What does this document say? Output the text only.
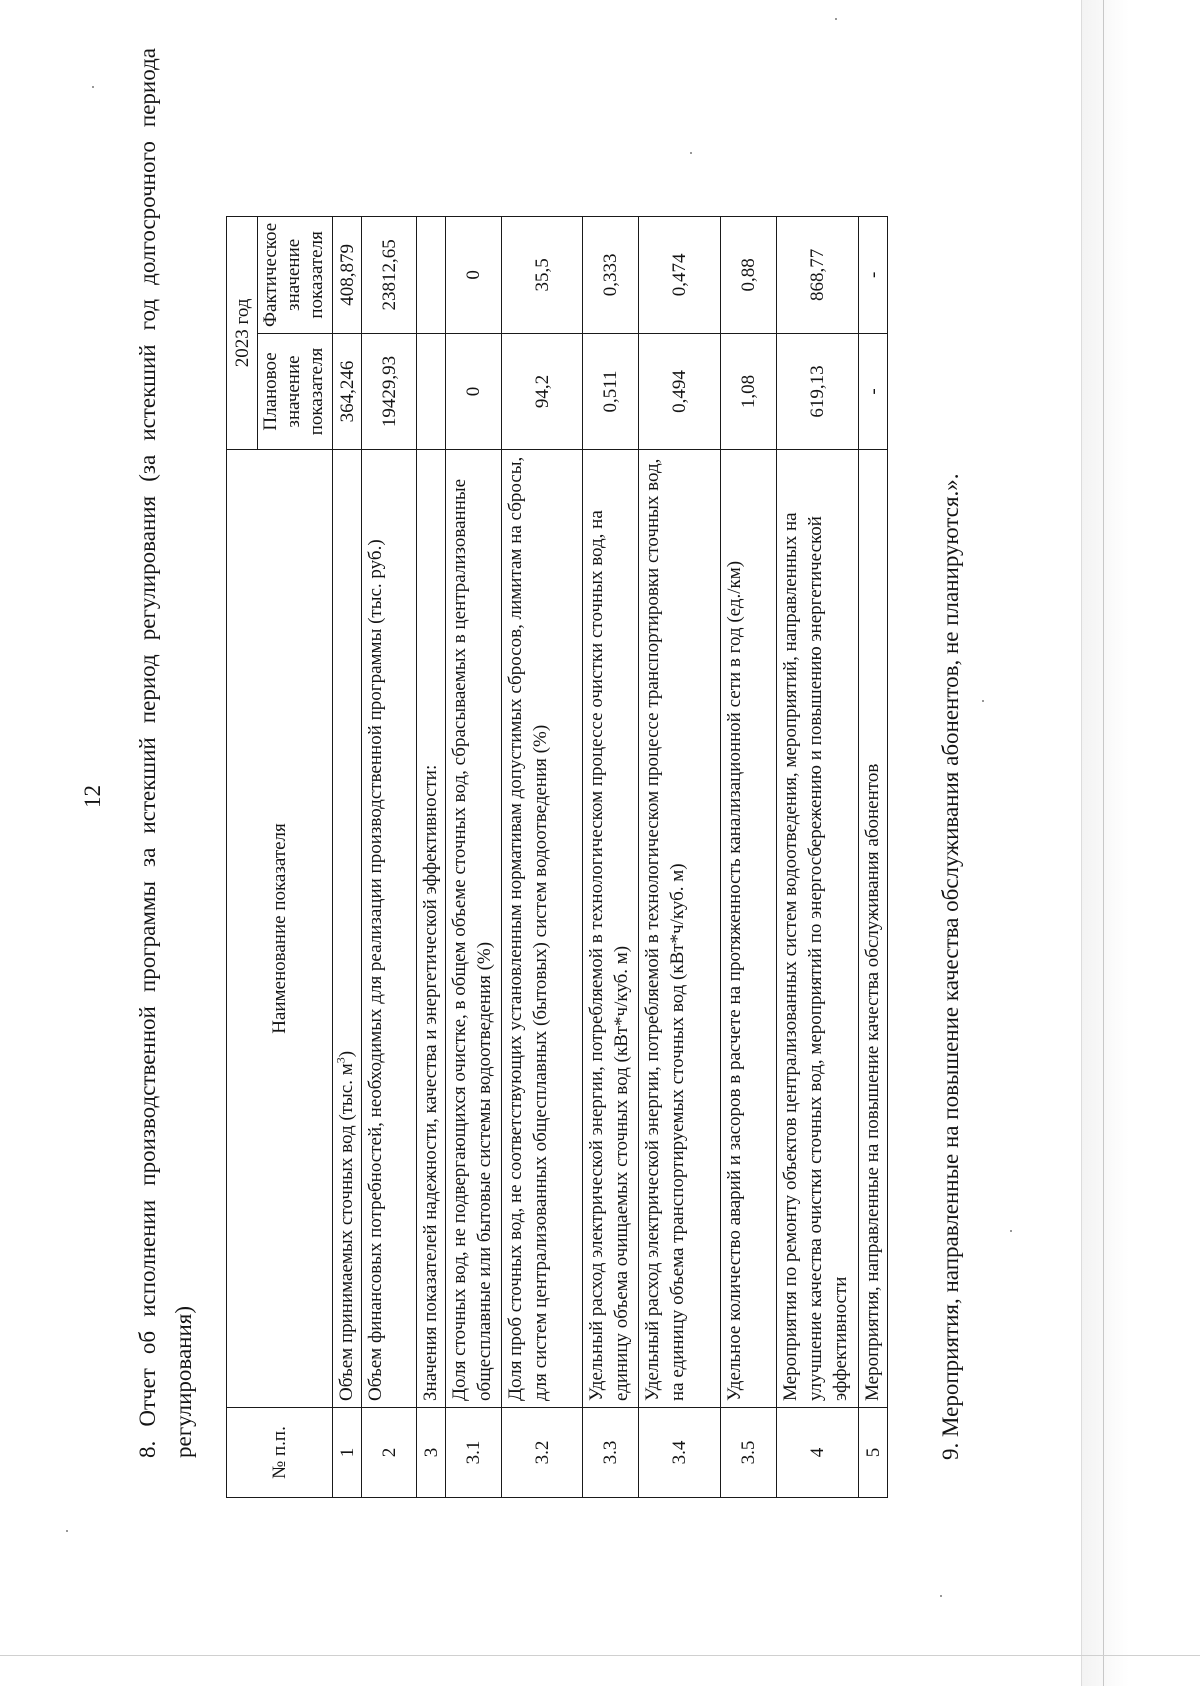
12 8. Отчет об исполнении производственной программы за истекший период регулирования (за истекший год долгосрочного периода регулирования)	№ п.п.	Наименование показателя	2023 год	
		Плановое значение показателя	Фактическое значение показателя
1	Объем принимаемых сточных вод (тыс. $м^3$)	364,246	408,879
2	Объем финансовых потребностей, необходимых для реализации производственной программы (тыс. руб.)	19429,93	23812,65
3	Значения показателей надежности, качества и энергетической эффективности:		
3.1	Доля сточных вод, не подвергающихся очистке, в общем объеме сточных вод, сбрасываемых в централизованные общесплавные или бытовые системы водоотведения (%)	0	0
3.2	Доля проб сточных вод, не соответствующих установленным нормативам допустимых сбросов, лимитам на сбросы, для систем централизованных общесплавных (бытовых) систем водоотведения (%)	94,2	35,5
3.3	Удельный расход электрической энергии, потребляемой в технологическом процессе очистки сточных вод, на единицу объема очищаемых сточных вод (кВт*ч/куб. м)	0,511	0,333
3.4	Удельный расход электрической энергии, потребляемой в технологическом процессе транспортировки сточных вод, на единицу объема транспортируемых сточных вод (кВт*ч/куб. м)	0,494	0,474
3.5	Удельное количество аварий и засоров в расчете на протяженность канализационной сети в год (ед./км)	1,08	0,88
4	Мероприятия по ремонту объектов централизованных систем водоотведения, мероприятий, направленных на улучшение качества очистки сточных вод, мероприятий по энергосбережению и повышению энергетической эффективности	619,13	868,77
5	Мероприятия, направленные на повышение качества обслуживания абонентов	-	-
9. Мероприятия, направленные на повышение качества обслуживания абонентов, не планируются.».
